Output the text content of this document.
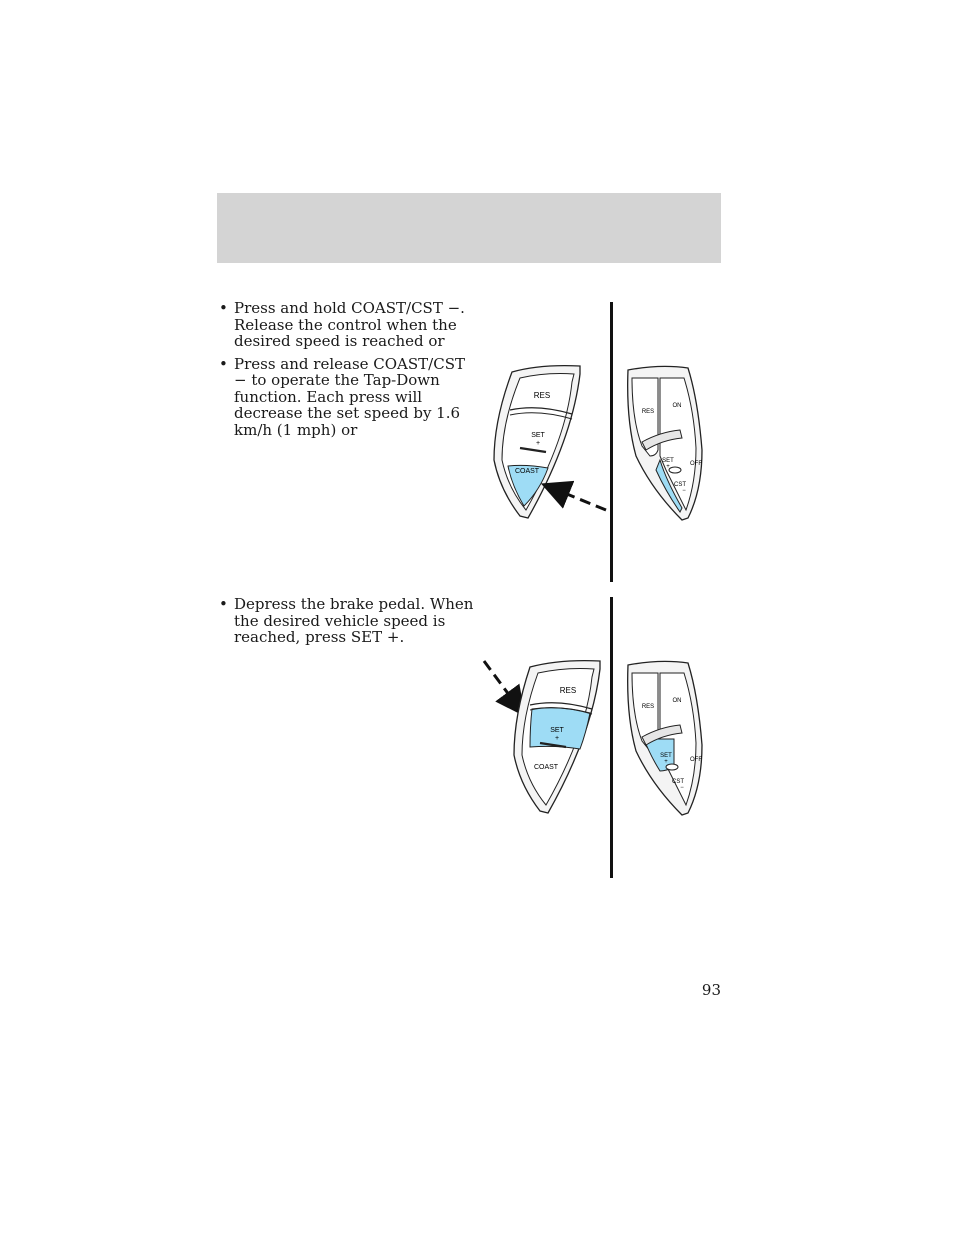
• Press and hold COAST/CST −. Release the control when the desired speed is reached or
• Press and release COAST/CST − to operate the Tap-Down function. Each press will decrease the set speed by 1.6 km/h (1 mph) or
RES
SET
+
COAST
RES
ON
SET
+	OFF
CST
−
• Depress the brake pedal. When the desired vehicle speed is reached, press SET +.
RES
SET
+
COAST
RES
ON
SET
+	OFF
CST
−
93
